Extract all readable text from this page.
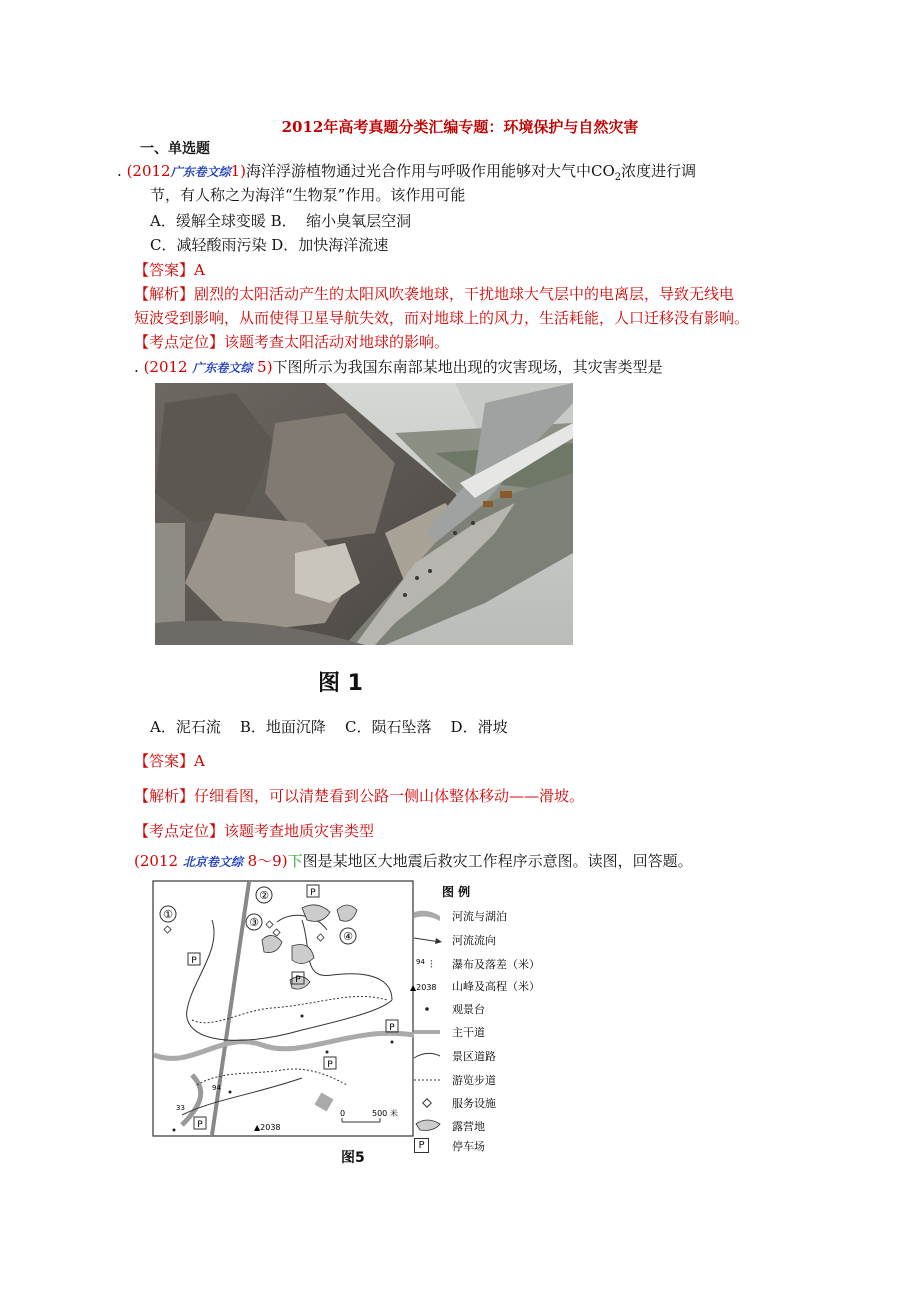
2012年高考真题分类汇编专题：环境保护与自然灾害
一、单选题
. (2012广东卷文综1)海洋浮游植物通过光合作用与呼吸作用能够对大气中$CO_2$浓度进行调
节，有人称之为海洋“生物泵”作用。该作用可能
A．缓解全球变暖 B． 缩小臭氧层空洞
C．减轻酸雨污染 D．加快海洋流速
【答案】A
【解析】剧烈的太阳活动产生的太阳风吹袭地球，干扰地球大气层中的电离层，导致无线电
短波受到影响，从而使得卫星导航失效，而对地球上的风力，生活耗能，人口迁移没有影响。
【考点定位】该题考查太阳活动对地球的影响。
. (2012 广东卷文综 5)下图所示为我国东南部某地出现的灾害现场，其灾害类型是
图 1
A．泥石流    B．地面沉降    C．陨石坠落    D．滑坡
【答案】A
【解析】仔细看图，可以清楚看到公路一侧山体整体移动——滑坡。
【考点定位】该题考查地质灾害类型
(2012 北京卷文综 8～9)下图是某地区大地震后救灾工作程序示意图。读图，回答题。
①
②
③
④
P
P
P
P
P
P
94
33
▲2038
0	500 米
图 例
河流与湖泊
河流流向
94 ⫶ 瀑布及落差（米）
▲2038 山峰及高程（米）
观景台
主干道
景区道路
游览步道
服务设施
露营地
P	停车场
图5
